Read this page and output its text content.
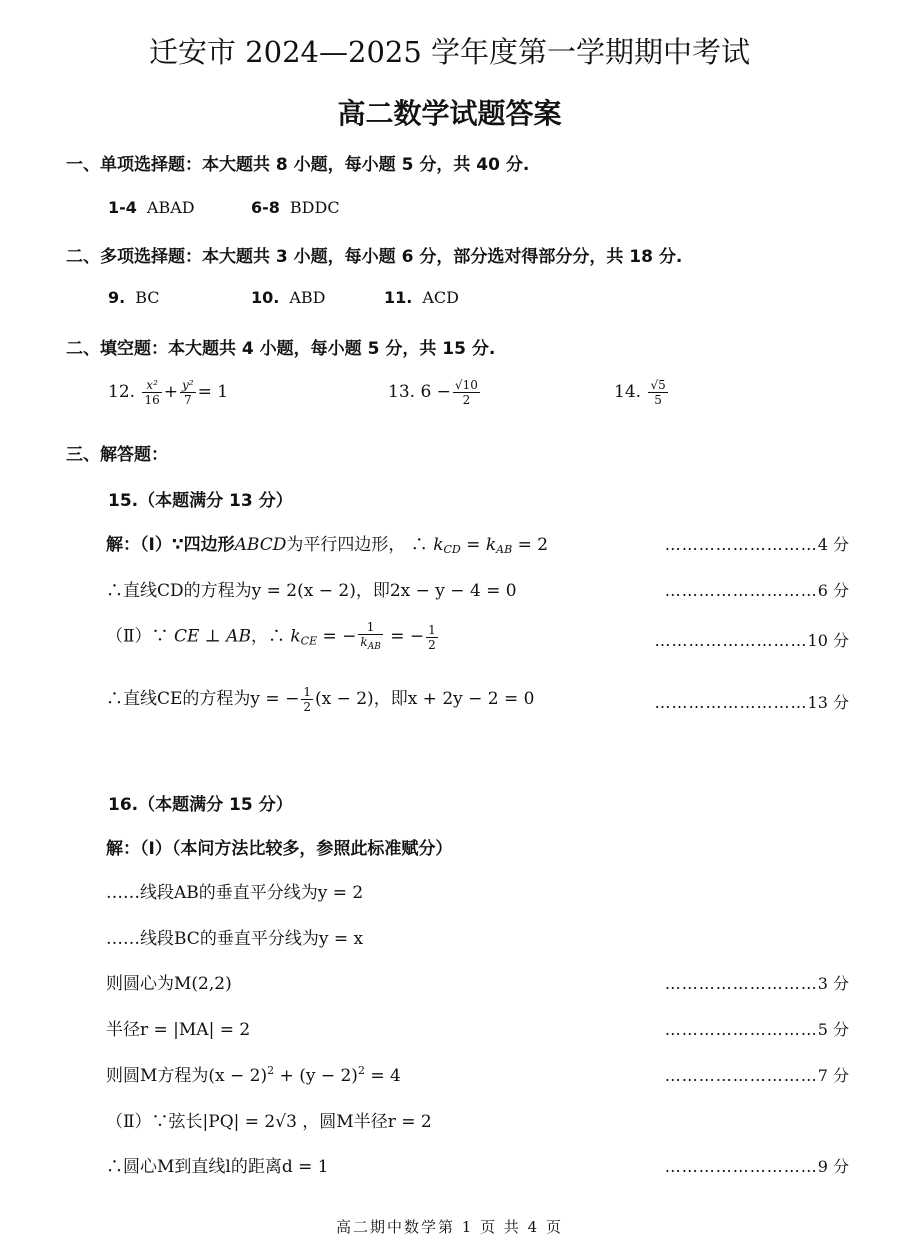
迁安市 2024—2025 学年度第一学期期中考试
高二数学试题答案
一、单项选择题：本大题共 8 小题，每小题 5 分，共 40 分.
1-4 ABAD	6-8 BDDC
二、多项选择题：本大题共 3 小题，每小题 6 分，部分选对得部分分，共 18 分.
9. BC	10. ABD	11. ACD
二、填空题：本大题共 4 小题，每小题 5 分，共 15 分.
12. $\frac{\text{x²}}{16} + \frac{\text{y²}}{7} = 1$	13. $6 - \frac{√10}{2}$	14. $\frac{√5}{5}$
三、解答题：
15.（本题满分 13 分）
解：（Ⅰ）∵四边形ABCD为平行四边形， ∴ $k_{CD} = k_{AB} = 2$	………………………4 分
∴直线CD的方程为y = 2(x − 2)，即2x − y − 4 = 0	………………………6 分
（Ⅱ）∵ CE ⊥ AB，∴ $k_{CE}$ = − $\frac{1}{k_{AB}}$ = − $\frac{1}{2}$	………………………10 分
∴直线CE的方程为y = − $\frac{1}{2} (x - 2)$，即x + 2y − 2 = 0	………………………13 分
16.（本题满分 15 分）
解：（Ⅰ）（本问方法比较多，参照此标准赋分）
……线段AB的垂直平分线为y = 2
……线段BC的垂直平分线为y = x
则圆心为M(2,2)	………………………3 分
半径r = |MA| = 2	………………………5 分
则圆M方程为$(x - 2)^2 + (y - 2)^2 = 4$	………………………7 分
（Ⅱ）∵弦长|PQ| = 2√3 ，圆M半径r = 2
∴圆心M到直线l的距离d = 1	………………………9 分
高二期中数学第 1 页 共 4 页
